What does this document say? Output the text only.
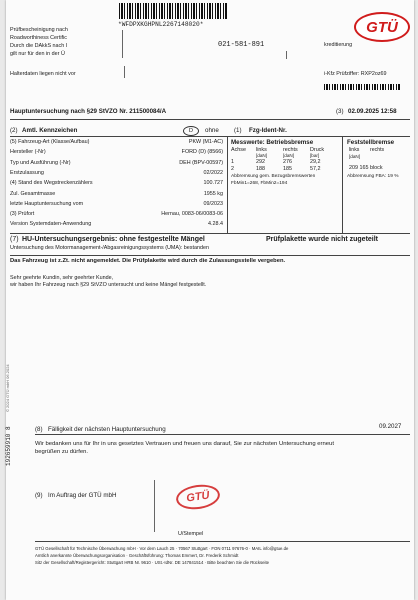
*WFDPXKGHPNL2267148020*
Prüfbescheinigung nach
Roadworthiness Certific
Durch die DAkkS nach I
gilt nur für den in der Ü
021-581-891	kreditierung
GTÜ
Halterdaten liegen nicht vor	i-Kfz Prüfziffer: RXP2oz69
Hauptuntersuchung nach §29 StVZO Nr. 211500084/A	(3) 02.09.2025 12:58
(2) Amtl. Kennzeichen	D	ohne (1) Fzg-Ident-Nr.
(5) Fahrzeug-Art (Klasse/Aufbau)	PKW (M1-AC)
Hersteller (-Nr)	FORD (D) (8566)
Typ und Ausführung (-Nr)	DEH (BPV-00597)
Erstzulassung	02/2022
(4) Stand des Wegstreckenzählers	100.727
Zul. Gesamtmasse	1955 kg
letzte Hauptuntersuchung vom	09/2023
(3) Prüfort	Hernau, 0083-06/0083-06
Version Systemdaten-Anwendung	4.28.4
Messwerte: Betriebsbremse
Achse	links	rechts	Druck
	[daN]	[daN]	[bar]
1	292	276	29,2
2	188	185	57,2
Abbremsung gem. Bezugsbremswerten
FbMin1=268, FbMin2=194
Feststellbremse
links rechts
[daN]
209 165 block
Abbremsung FBA: 19 %
(7) HU-Untersuchungsergebnis: ohne festgestellte Mängel	Prüfplakette wurde nicht zugeteilt
Untersuchung des Motormanagement-/Abgasreinigungssystems (UMA): bestanden
Das Fahrzeug ist z.Zt. nicht angemeldet. Die Prüfplakette wird durch die Zulassungsstelle vergeben.
Sehr geehrte Kundin, sehr geehrter Kunde,
wir haben Ihr Fahrzeug nach §29 StVZO untersucht und keine Mängel festgestellt.
© 2024 GTÜ mbH 06.2024
192659910 8	(8) Fälligkeit der nächsten Hauptuntersuchung	09.2027
Wir bedanken uns für Ihr in uns gesetztes Vertrauen und freuen uns darauf, Sie zur nächsten Untersuchung erneut
begrüßen zu dürfen.
(9) Im Auftrag der GTÜ mbH	GTÜ
U/Stempel
GTÜ Gesellschaft für Technische Überwachung mbH · Vor dem Lauch 25 · 70567 Stuttgart · FON 0711 97676-0 · MAIL info@gtue.de
Amtlich anerkannte Überwachungsorganisation · Geschäftsführung: Thomas Emmert, Dr. Frederik Schmidt
Sitz der Gesellschaft/Registergericht: Stuttgart HRB Nr. 9610 · USt.-IdNr. DE 147841514 · Bitte beachten Sie die Rückseite
